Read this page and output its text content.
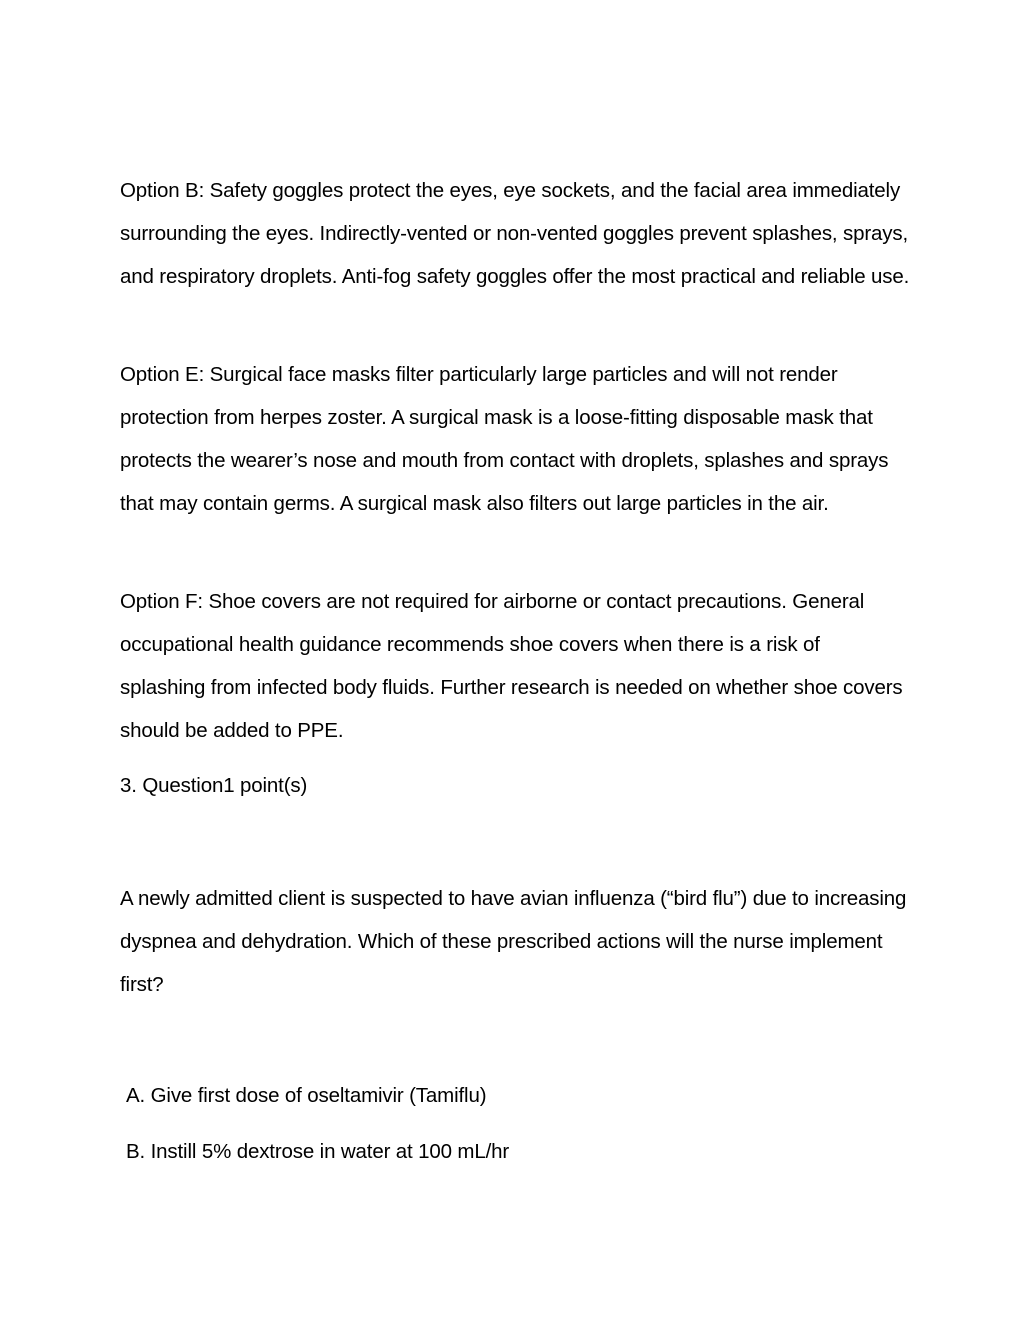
Option B: Safety goggles protect the eyes, eye sockets, and the facial area immediately surrounding the eyes. Indirectly-vented or non-vented goggles prevent splashes, sprays, and respiratory droplets. Anti-fog safety goggles offer the most practical and reliable use.

Option E: Surgical face masks filter particularly large particles and will not render protection from herpes zoster. A surgical mask is a loose-fitting disposable mask that protects the wearer’s nose and mouth from contact with droplets, splashes and sprays that may contain germs. A surgical mask also filters out large particles in the air.

Option F: Shoe covers are not required for airborne or contact precautions. General occupational health guidance recommends shoe covers when there is a risk of splashing from infected body fluids. Further research is needed on whether shoe covers should be added to PPE.

3. Question1 point(s)

A newly admitted client is suspected to have avian influenza (“bird flu”) due to increasing dyspnea and dehydration. Which of these prescribed actions will the nurse implement first?

A. Give first dose of oseltamivir (Tamiflu)

B. Instill 5% dextrose in water at 100 mL/hr
